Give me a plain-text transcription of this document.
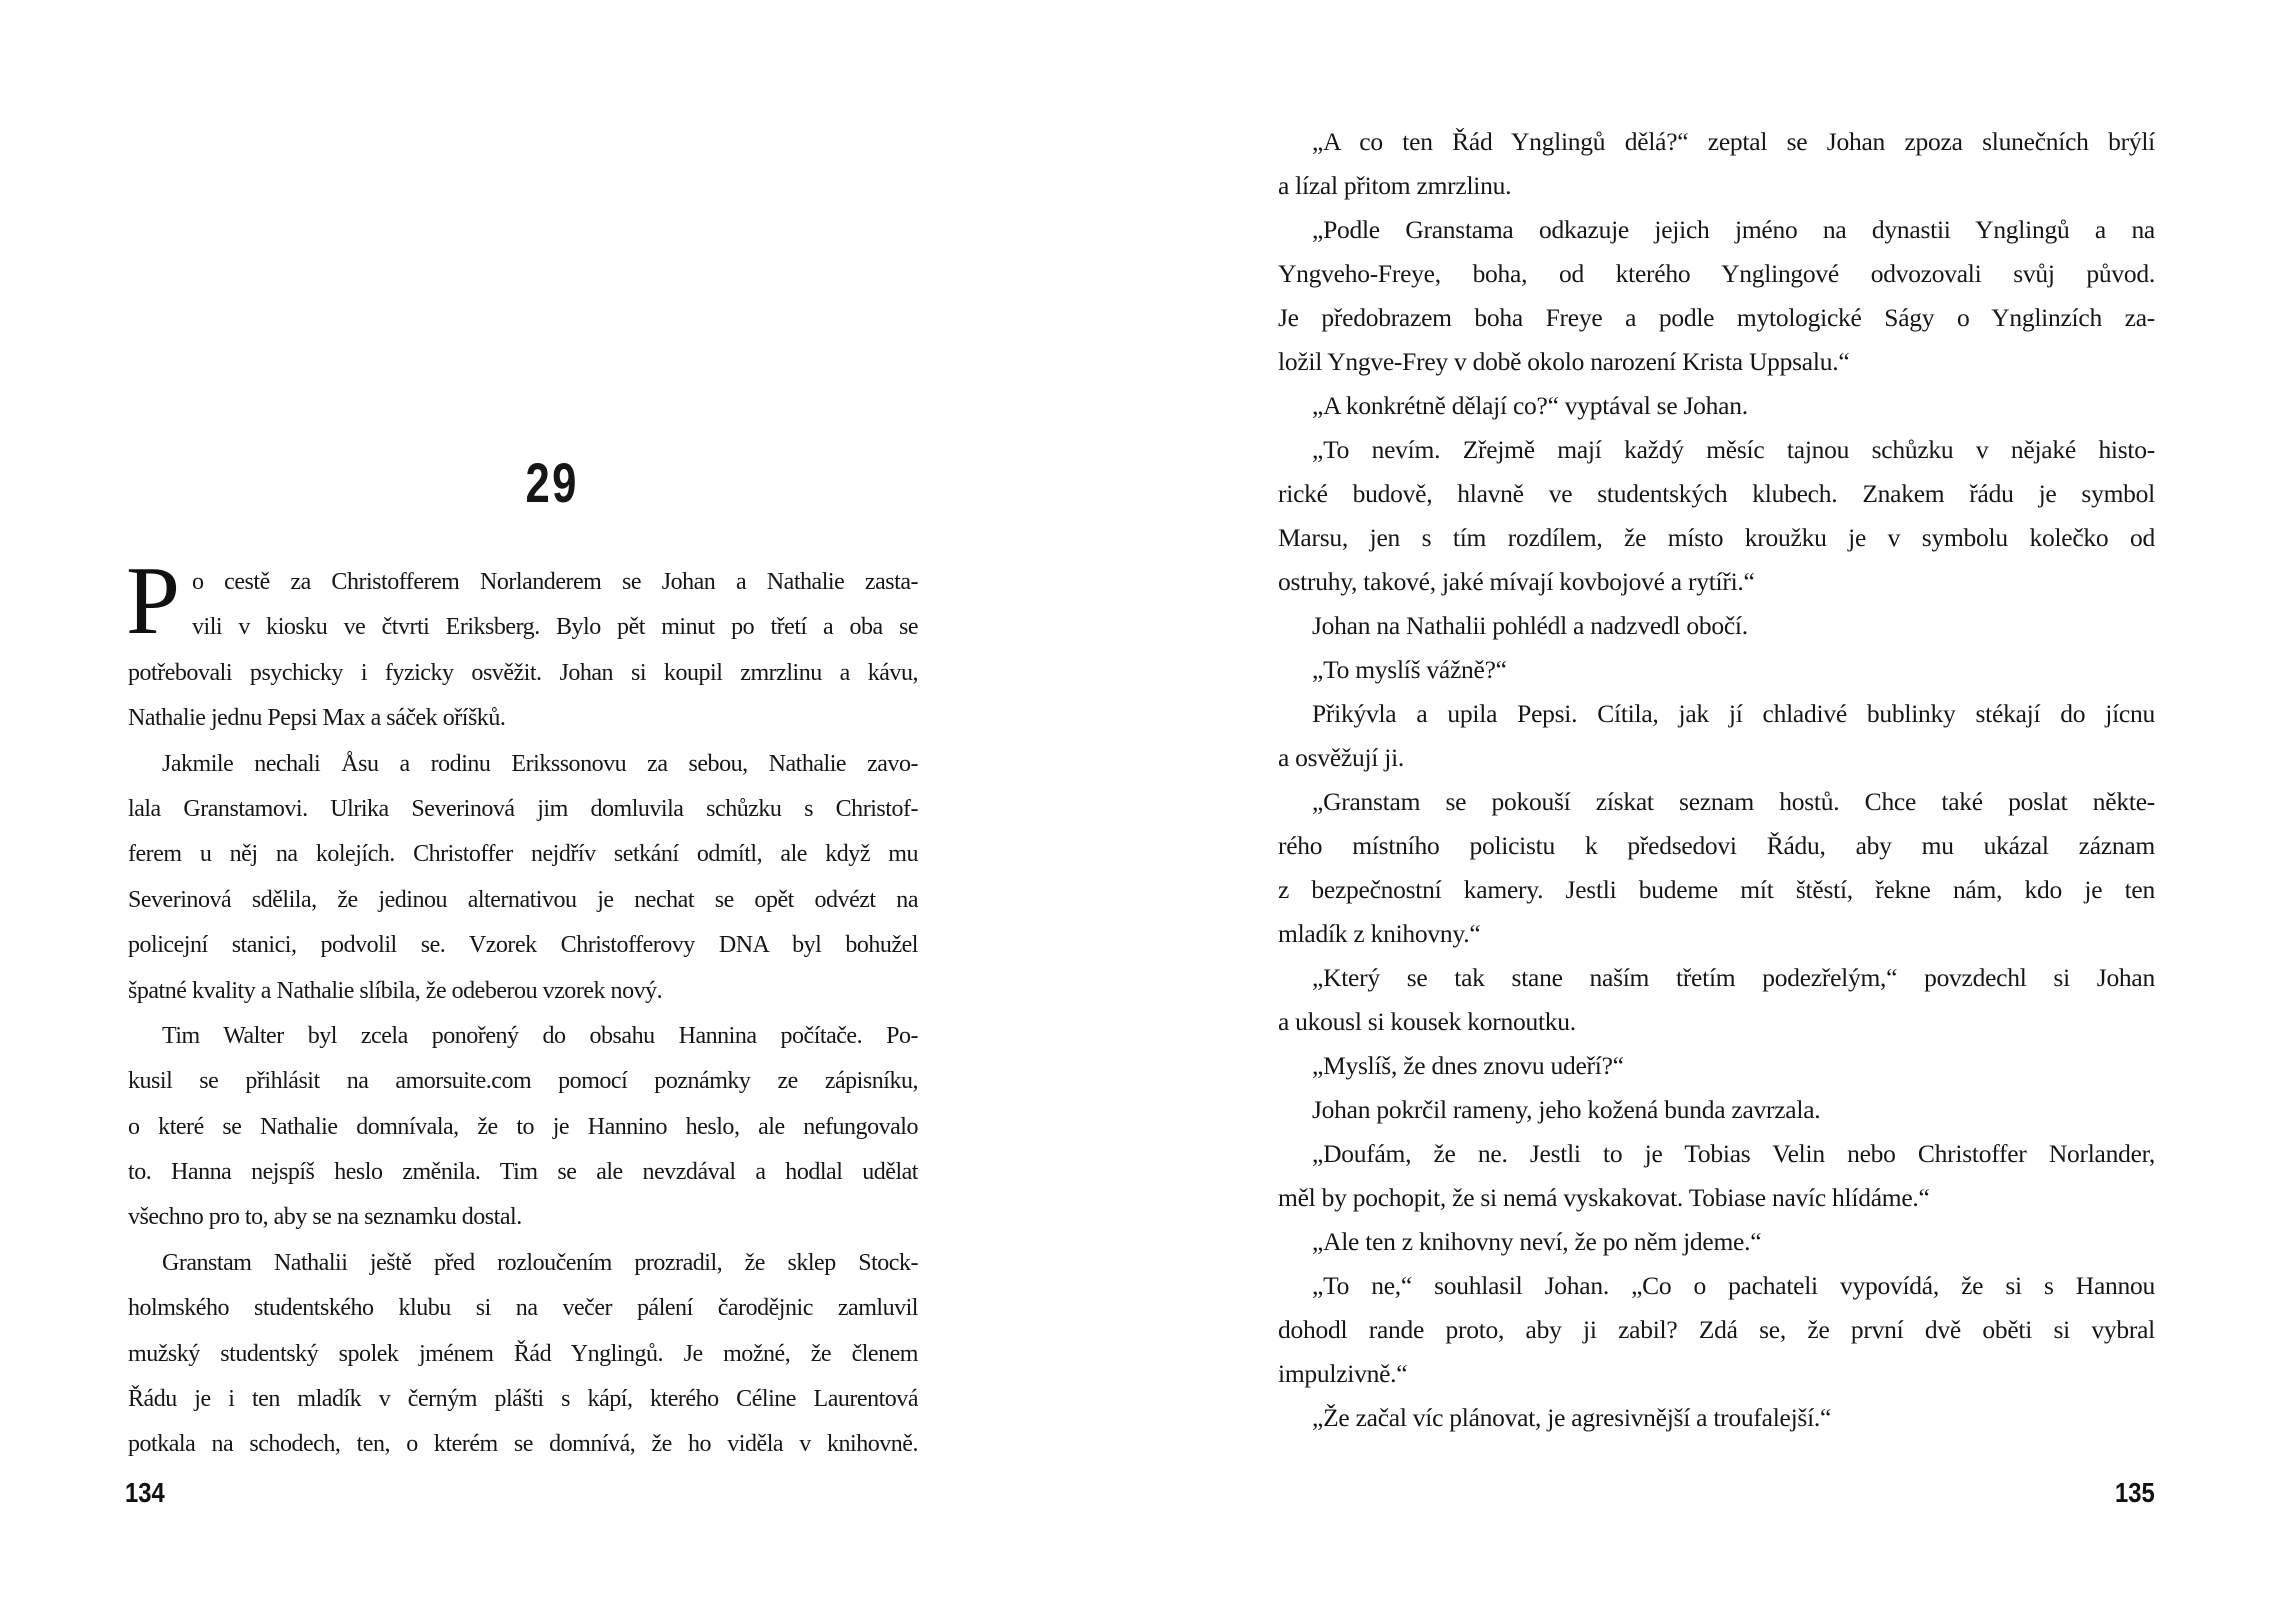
29
P o cestě za Christofferem Norlanderem se Johan a Nathalie zasta-
vili v kiosku ve čtvrti Eriksberg. Bylo pět minut po třetí a oba se
potřebovali psychicky i fyzicky osvěžit. Johan si koupil zmrzlinu a kávu,
Nathalie jednu Pepsi Max a sáček oříšků.
Jakmile nechali Åsu a rodinu Erikssonovu za sebou, Nathalie zavo-
lala Granstamovi. Ulrika Severinová jim domluvila schůzku s Christof-
ferem u něj na kolejích. Christoffer nejdřív setkání odmítl, ale když mu
Severinová sdělila, že jedinou alternativou je nechat se opět odvézt na
policejní stanici, podvolil se. Vzorek Christofferovy DNA byl bohužel
špatné kvality a Nathalie slíbila, že odeberou vzorek nový.
Tim Walter byl zcela ponořený do obsahu Hannina počítače. Po-
kusil se přihlásit na amorsuite.com pomocí poznámky ze zápisníku,
o které se Nathalie domnívala, že to je Hannino heslo, ale nefungovalo
to. Hanna nejspíš heslo změnila. Tim se ale nevzdával a hodlal udělat
všechno pro to, aby se na seznamku dostal.
Granstam Nathalii ještě před rozloučením prozradil, že sklep Stock-
holmského studentského klubu si na večer pálení čarodějnic zamluvil
mužský studentský spolek jménem Řád Ynglingů. Je možné, že členem
Řádu je i ten mladík v černým plášti s kápí, kterého Céline Laurentová
potkala na schodech, ten, o kterém se domnívá, že ho viděla v knihovně.
134
„A co ten Řád Ynglingů dělá?“ zeptal se Johan zpoza slunečních brýlí
a lízal přitom zmrzlinu.
„Podle Granstama odkazuje jejich jméno na dynastii Ynglingů a na
Yngveho-Freye, boha, od kterého Ynglingové odvozovali svůj původ.
Je předobrazem boha Freye a podle mytologické Ságy o Ynglinzích za-
ložil Yngve-Frey v době okolo narození Krista Uppsalu.“
„A konkrétně dělají co?“ vyptával se Johan.
„To nevím. Zřejmě mají každý měsíc tajnou schůzku v nějaké histo-
rické budově, hlavně ve studentských klubech. Znakem řádu je symbol
Marsu, jen s tím rozdílem, že místo kroužku je v symbolu kolečko od
ostruhy, takové, jaké mívají kovbojové a rytíři.“
Johan na Nathalii pohlédl a nadzvedl obočí.
„To myslíš vážně?“
Přikývla a upila Pepsi. Cítila, jak jí chladivé bublinky stékají do jícnu
a osvěžují ji.
„Granstam se pokouší získat seznam hostů. Chce také poslat někte-
rého místního policistu k předsedovi Řádu, aby mu ukázal záznam
z bezpečnostní kamery. Jestli budeme mít štěstí, řekne nám, kdo je ten
mladík z knihovny.“
„Který se tak stane naším třetím podezřelým,“ povzdechl si Johan
a ukousl si kousek kornoutku.
„Myslíš, že dnes znovu udeří?“
Johan pokrčil rameny, jeho kožená bunda zavrzala.
„Doufám, že ne. Jestli to je Tobias Velin nebo Christoffer Norlander,
měl by pochopit, že si nemá vyskakovat. Tobiase navíc hlídáme.“
„Ale ten z knihovny neví, že po něm jdeme.“
„To ne,“ souhlasil Johan. „Co o pachateli vypovídá, že si s Hannou
dohodl rande proto, aby ji zabil? Zdá se, že první dvě oběti si vybral
impulzivně.“
„Že začal víc plánovat, je agresivnější a troufalejší.“
135
